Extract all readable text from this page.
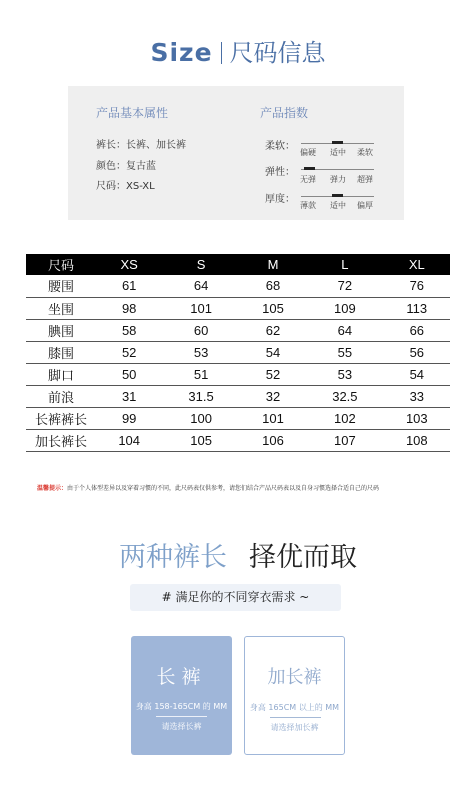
Size 尺码信息
产品基本属性
裤长：长裤、加长裤
颜色：复古蓝
尺码：XS-XL
产品指数
柔软：
偏硬 适中 柔软
弹性：
无弹 弹力 超弹
厚度：
薄款 适中 偏厚
尺码	XS	S	M	L	XL
腰围	61	64	68	72	76
坐围	98	101	105	109	113
腆围	58	60	62	64	66
膝围	52	53	54	55	56
脚口	50	51	52	53	54
前浪	31	31.5	32	32.5	33
长裤裤长	99	100	101	102	103
加长裤长	104	105	106	107	108
温馨提示：由于个人体型差异以及穿着习惯的不同，此尺码表仅供参考，请您们结合产品尺码表以及自身习惯选择合适自己的尺码
两种裤长 择优而取
# 满足你的不同穿衣需求 ~
长裤
身高 158-165CM 的 MM
请选择长裤
加长裤
身高 165CM 以上的 MM
请选择加长裤
